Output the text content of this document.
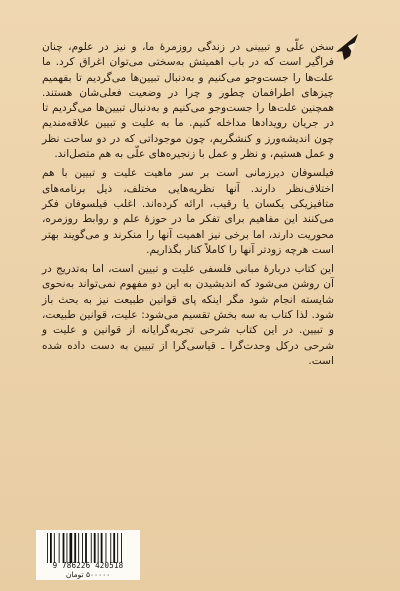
سخن علّی و تبیینی در زندگی روزمرهٔ ما، و نیز در علوم، چنان فراگیر است که در باب اهمیتش به‌سختی می‌توان اغراق کرد. ما علت‌ها را جست‌وجو می‌کنیم و به‌دنبال تبیین‌ها می‌گردیم تا بفهمیم چیزهای اطرافمان چطور و چرا در وضعیت فعلی‌شان هستند. همچنین علت‌ها را جست‌وجو می‌کنیم و به‌دنبال تبیین‌ها می‌گردیم تا در جریان رویدادها مداخله کنیم. ما به علیت و تبیین علاقه‌مندیم چون اندیشه‌ورز و کنشگریم، چون موجوداتی که در دو ساحت نظر و عمل هستیم، و نظر و عمل با زنجیره‌های علّی به هم متصل‌اند.

فیلسوفان دیرزمانی است بر سر ماهیت علیت و تبیین با هم اختلاف‌نظر دارند. آنها نظریه‌هایی مختلف، ذیل برنامه‌های متافیزیکی یکسان یا رقیب، ارائه کرده‌اند. اغلب فیلسوفان فکر می‌کنند این مفاهیم برای تفکر ما در حوزهٔ علم و روابط روزمره، محوریت دارند، اما برخی نیز اهمیت آنها را منکرند و می‌گویند بهتر است هرچه زودتر آنها را کاملاً کنار بگذاریم.

این کتاب دربارهٔ مبانی فلسفی علیت و تبیین است، اما به‌تدریج در آن روشن می‌شود که اندیشیدن به این دو مفهوم نمی‌تواند به‌نحوی شایسته انجام شود مگر اینکه پای قوانین طبیعت نیز به بحث باز شود. لذا کتاب به سه بخش تقسیم می‌شود: علیت، قوانین طبیعت، و تبیین. در این کتاب شرحی تجربه‌گرایانه از قوانین و علیت و شرحی درکل وحدت‌گرا ـ قیاسی‌گرا از تبیین به دست داده شده است.

9 786226 420518
۵۰۰۰۰۰ تومان
